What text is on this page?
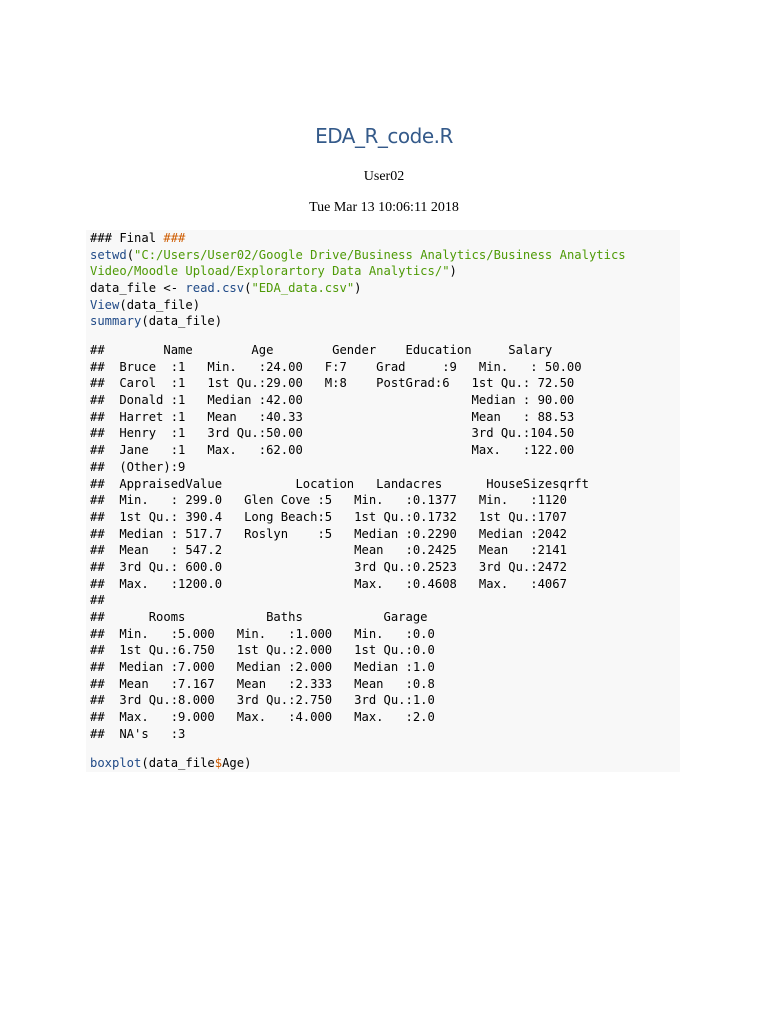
EDA_R_code.R
User02
Tue Mar 13 10:06:11 2018
### Final ###
setwd("C:/Users/User02/Google Drive/Business Analytics/Business Analytics
Video/Moodle Upload/Explorartory Data Analytics/")
data_file <- read.csv("EDA_data.csv")
View(data_file)
summary(data_file)
##        Name        Age        Gender    Education     Salary
##  Bruce  :1   Min.   :24.00   F:7    Grad     :9   Min.   : 50.00
##  Carol  :1   1st Qu.:29.00   M:8    PostGrad:6   1st Qu.: 72.50
##  Donald :1   Median :42.00                       Median : 90.00
##  Harret :1   Mean   :40.33                       Mean   : 88.53
##  Henry  :1   3rd Qu.:50.00                       3rd Qu.:104.50
##  Jane   :1   Max.   :62.00                       Max.   :122.00
##  (Other):9
##  AppraisedValue          Location   Landacres      HouseSizesqrft
##  Min.   : 299.0   Glen Cove :5   Min.   :0.1377   Min.   :1120
##  1st Qu.: 390.4   Long Beach:5   1st Qu.:0.1732   1st Qu.:1707
##  Median : 517.7   Roslyn    :5   Median :0.2290   Median :2042
##  Mean   : 547.2                  Mean   :0.2425   Mean   :2141
##  3rd Qu.: 600.0                  3rd Qu.:0.2523   3rd Qu.:2472
##  Max.   :1200.0                  Max.   :0.4608   Max.   :4067
##
##      Rooms           Baths           Garage
##  Min.   :5.000   Min.   :1.000   Min.   :0.0
##  1st Qu.:6.750   1st Qu.:2.000   1st Qu.:0.0
##  Median :7.000   Median :2.000   Median :1.0
##  Mean   :7.167   Mean   :2.333   Mean   :0.8
##  3rd Qu.:8.000   3rd Qu.:2.750   3rd Qu.:1.0
##  Max.   :9.000   Max.   :4.000   Max.   :2.0
##  NA's   :3
boxplot(data_file$Age)
